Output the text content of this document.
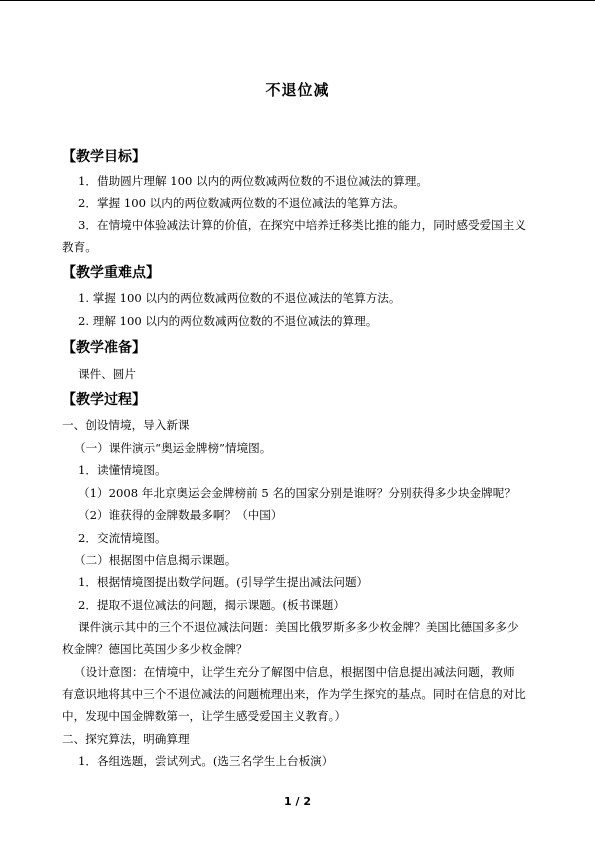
不退位减
【教学目标】
1．借助圆片理解 100 以内的两位数减两位数的不退位减法的算理。
2．掌握 100 以内的两位数减两位数的不退位减法的笔算方法。
3．在情境中体验减法计算的价值，在探究中培养迁移类比推的能力，同时感受爱国主义
教育。
【教学重难点】
1. 掌握 100 以内的两位数减两位数的不退位减法的笔算方法。
2. 理解 100 以内的两位数减两位数的不退位减法的算理。
【教学准备】
课件、圆片
【教学过程】
一、创设情境，导入新课
（一）课件演示“奥运金牌榜”情境图。
1．读懂情境图。
（1）2008 年北京奥运会金牌榜前 5 名的国家分别是谁呀？分别获得多少块金牌呢？
（2）谁获得的金牌数最多啊？（中国）
2．交流情境图。
（二）根据图中信息揭示课题。
1．根据情境图提出数学问题。(引导学生提出减法问题）
2．提取不退位减法的问题，揭示课题。(板书课题）
课件演示其中的三个不退位减法问题：美国比俄罗斯多多少枚金牌？美国比德国多多少
枚金牌？德国比英国少多少枚金牌？
（设计意图：在情境中，让学生充分了解图中信息，根据图中信息提出减法问题，教师
有意识地将其中三个不退位减法的问题梳理出来，作为学生探究的基点。同时在信息的对比
中，发现中国金牌数第一，让学生感受爱国主义教育。）
二、探究算法，明确算理
1．各组选题，尝试列式。(选三名学生上台板演）
1 / 2
